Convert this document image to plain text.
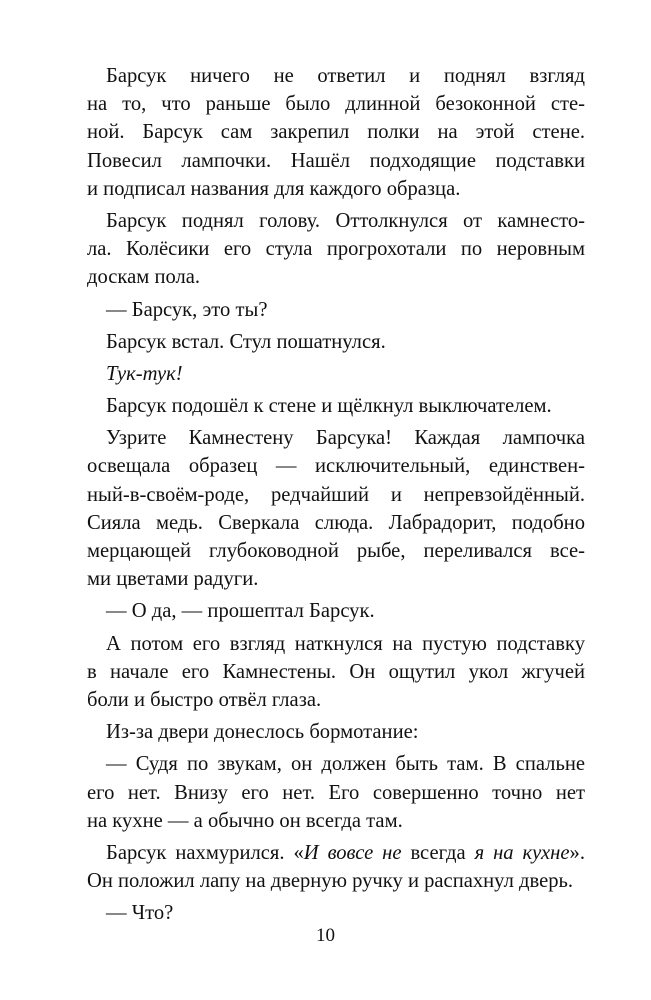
Барсук ничего не ответил и поднял взгляд
на то, что раньше было длинной безоконной сте-
ной. Барсук сам закрепил полки на этой стене.
Повесил лампочки. Нашёл подходящие подставки
и подписал названия для каждого образца.
Барсук поднял голову. Оттолкнулся от камнесто-
ла. Колёсики его стула прогрохотали по неровным
доскам пола.
— Барсук, это ты?
Барсук встал. Стул пошатнулся.
Тук-тук!
Барсук подошёл к стене и щёлкнул выключателем.
Узрите Камнестену Барсука! Каждая лампочка
освещала образец — исключительный, единствен-
ный-в-своём-роде, редчайший и непревзойдённый.
Сияла медь. Сверкала слюда. Лабрадорит, подобно
мерцающей глубоководной рыбе, переливался все-
ми цветами радуги.
— О да, — прошептал Барсук.
А потом его взгляд наткнулся на пустую подставку
в начале его Камнестены. Он ощутил укол жгучей
боли и быстро отвёл глаза.
Из-за двери донеслось бормотание:
— Судя по звукам, он должен быть там. В спальне
его нет. Внизу его нет. Его совершенно точно нет
на кухне — а обычно он всегда там.
Барсук нахмурился. «И вовсе не всегда я на кухне».
Он положил лапу на дверную ручку и распахнул дверь.
— Что?
10
